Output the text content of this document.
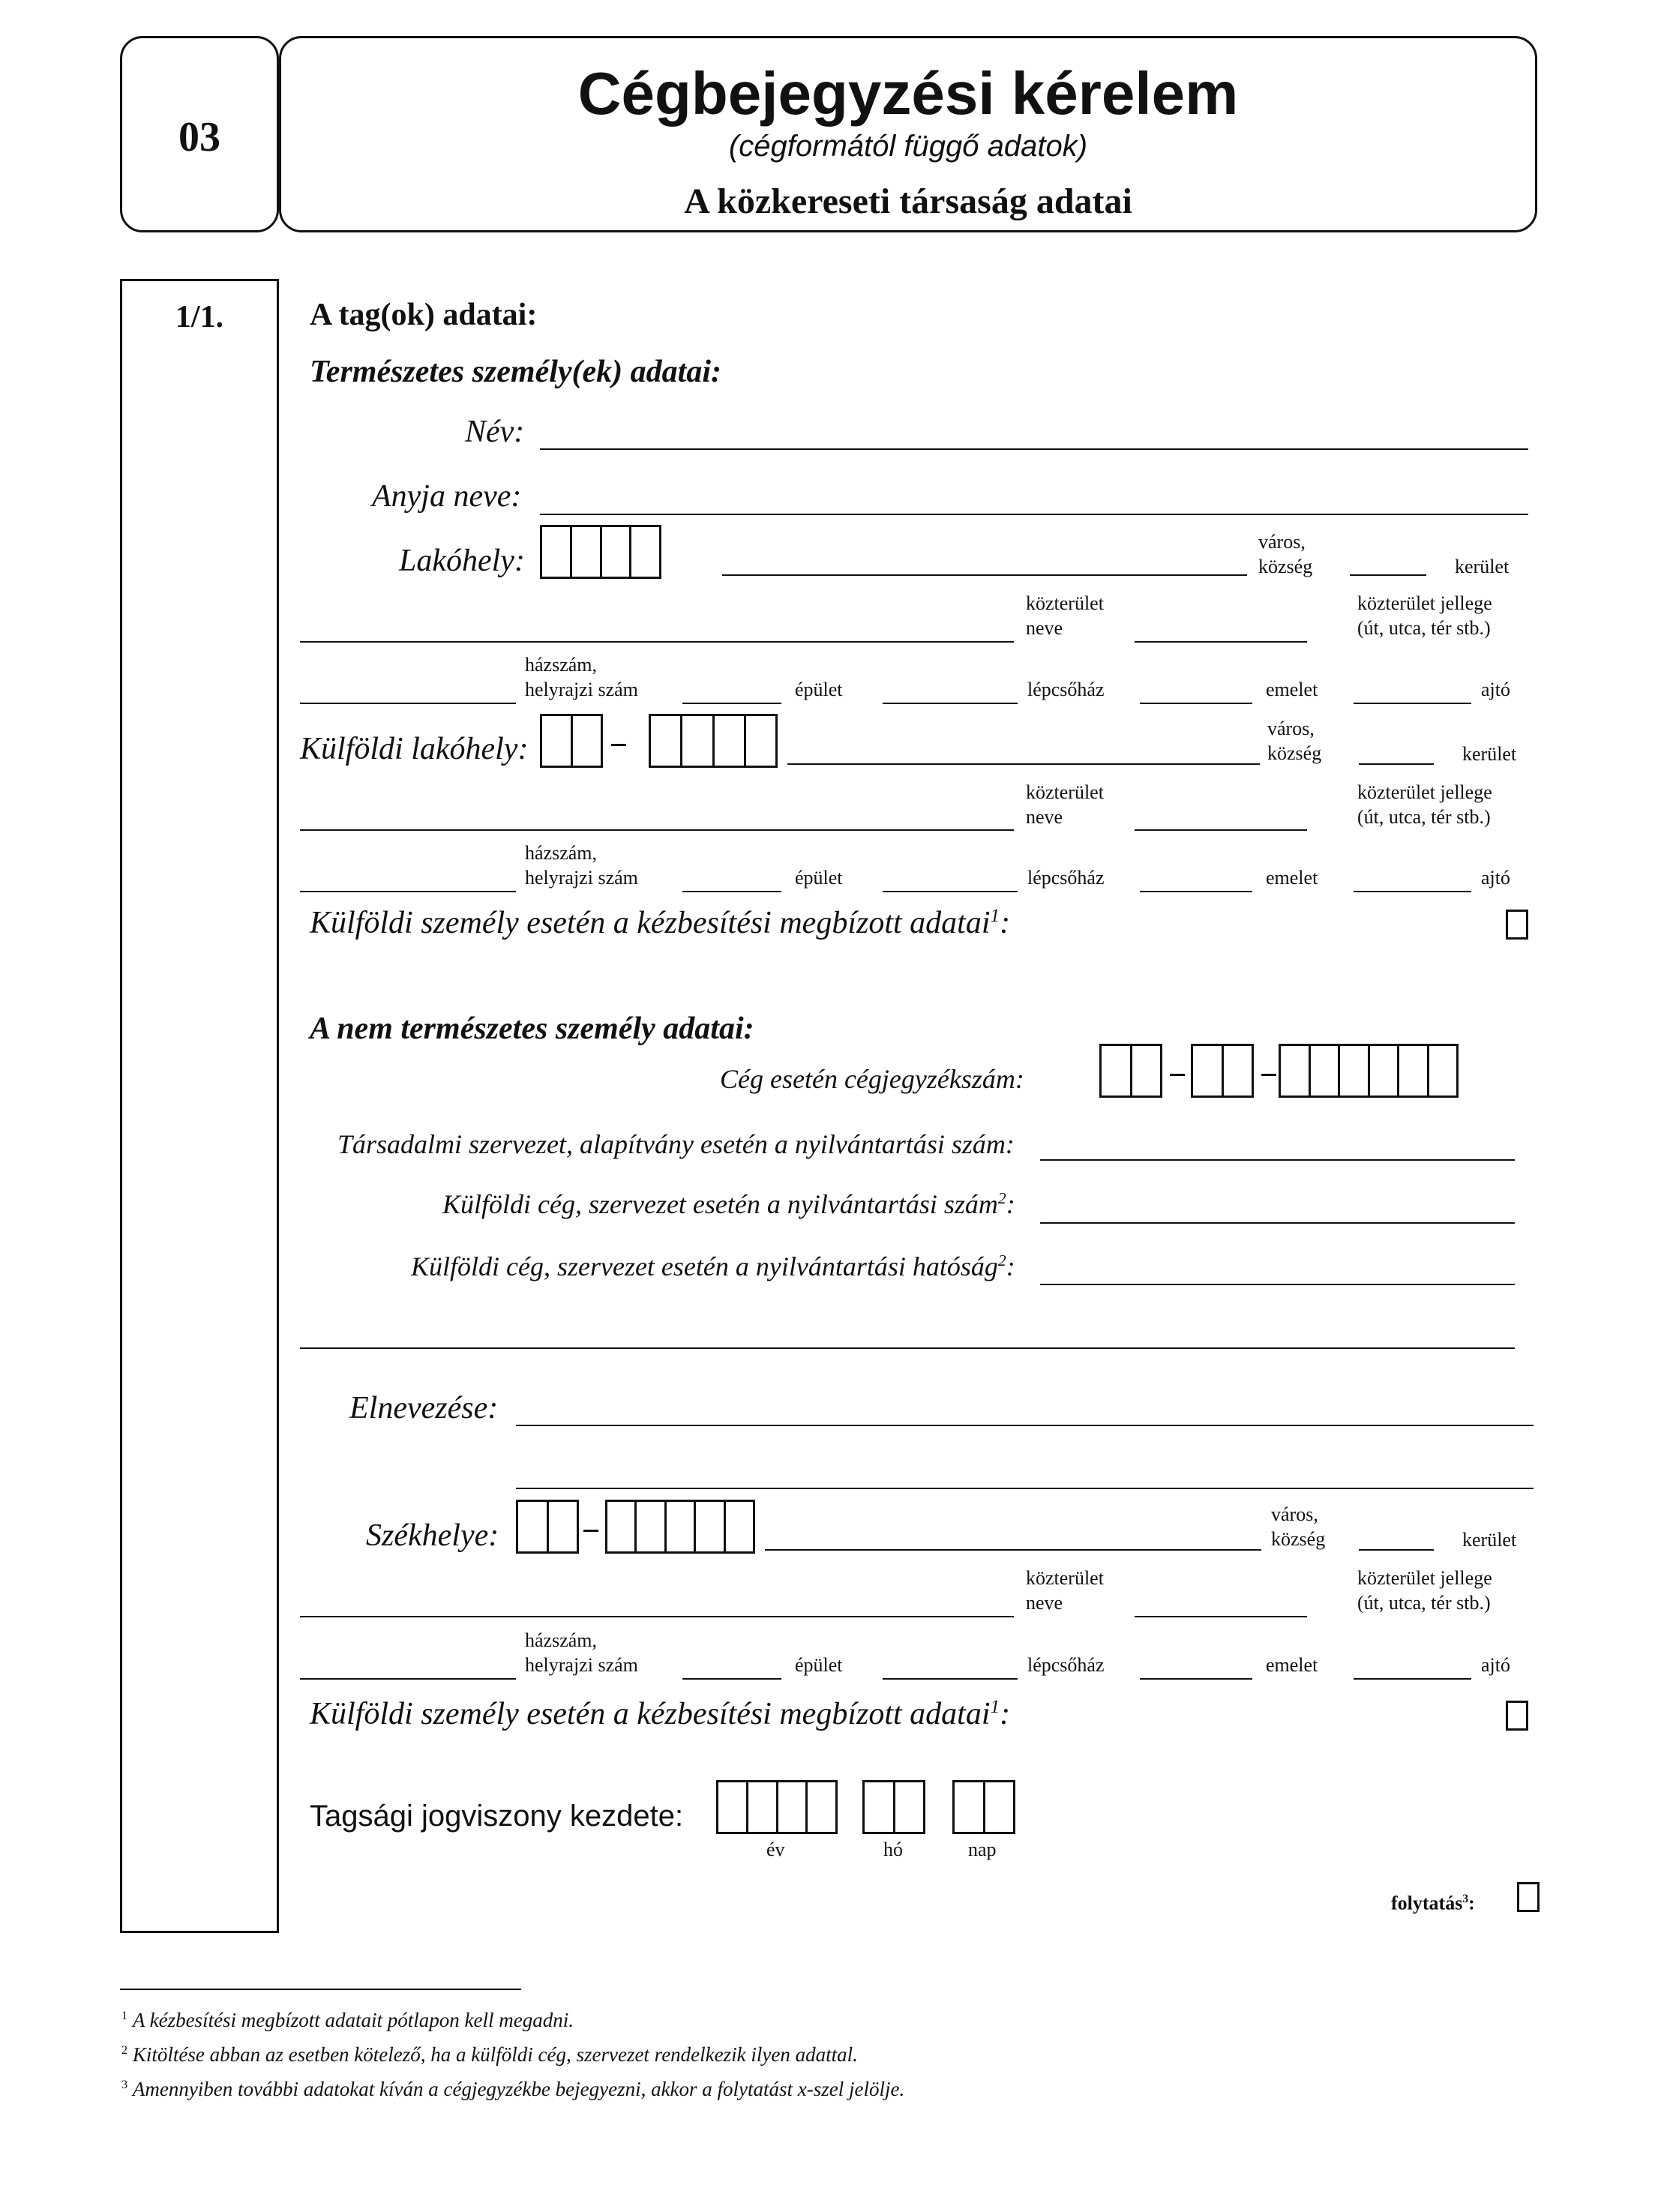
03
Cégbejegyzési kérelem
(cégformától függő adatok)
A közkereseti társaság adatai
1/1.	A tag(ok) adatai:
Természetes személy(ek) adatai:
Név:
Anyja neve:
Lakóhely:
város,
község	kerület
közterület
neve
közterület jellege
(út, utca, tér stb.)
házszám,
helyrajzi szám	épület	lépcsőház	emelet	ajtó
Külföldi lakóhely:
város,
község	kerület
közterület
neve
közterület jellege
(út, utca, tér stb.)
házszám,
helyrajzi szám	épület	lépcsőház	emelet	ajtó
Külföldi személy esetén a kézbesítési megbízott adatai$^1$:
A nem természetes személy adatai:
Cég esetén cégjegyzékszám:
Társadalmi szervezet, alapítvány esetén a nyilvántartási szám:
Külföldi cég, szervezet esetén a nyilvántartási szám$^2$:
Külföldi cég, szervezet esetén a nyilvántartási hatóság$^2$:
Elnevezése:
Székhelye:
város,
község	kerület
közterület
neve
közterület jellege
(út, utca, tér stb.)
házszám,
helyrajzi szám	épület	lépcsőház	emelet	ajtó
Külföldi személy esetén a kézbesítési megbízott adatai$^1$:
Tagsági jogviszony kezdete:
év	hó	nap
folytatás$^3$:
$^1$ A kézbesítési megbízott adatait pótlapon kell megadni.
$^2$ Kitöltése abban az esetben kötelező, ha a külföldi cég, szervezet rendelkezik ilyen adattal.
$^3$ Amennyiben további adatokat kíván a cégjegyzékbe bejegyezni, akkor a folytatást x-szel jelölje.
